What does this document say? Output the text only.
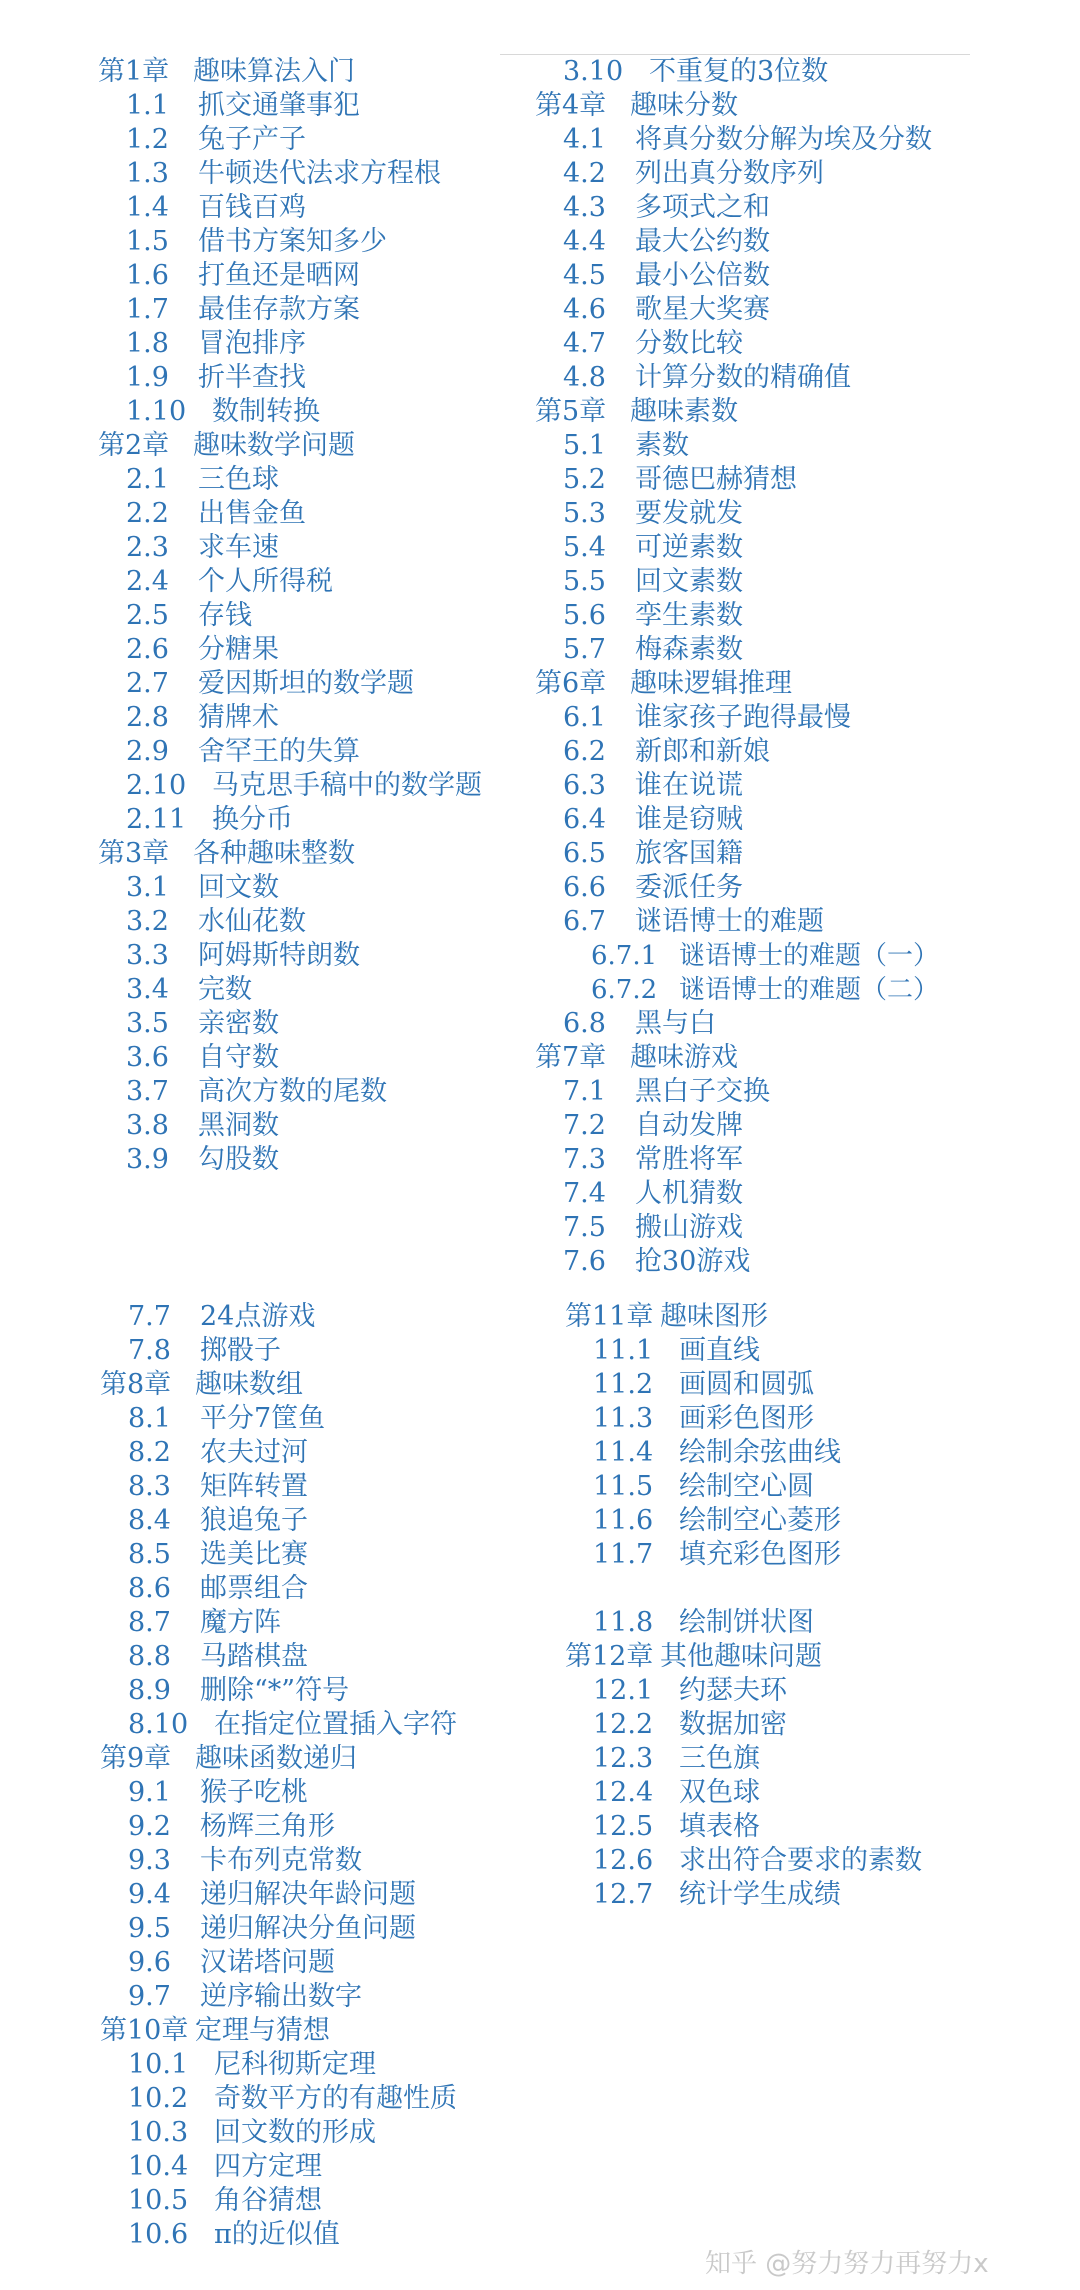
第1章 趣味算法入门
1.1 抓交通肇事犯
1.2 兔子产子
1.3 牛顿迭代法求方程根
1.4 百钱百鸡
1.5 借书方案知多少
1.6 打鱼还是晒网
1.7 最佳存款方案
1.8 冒泡排序
1.9 折半查找
1.10 数制转换
第2章 趣味数学问题
2.1 三色球
2.2 出售金鱼
2.3 求车速
2.4 个人所得税
2.5 存钱
2.6 分糖果
2.7 爱因斯坦的数学题
2.8 猜牌术
2.9 舍罕王的失算
2.10 马克思手稿中的数学题
2.11 换分币
第3章 各种趣味整数
3.1 回文数
3.2 水仙花数
3.3 阿姆斯特朗数
3.4 完数
3.5 亲密数
3.6 自守数
3.7 高次方数的尾数
3.8 黑洞数
3.9 勾股数
3.10 不重复的3位数
第4章 趣味分数
4.1 将真分数分解为埃及分数
4.2 列出真分数序列
4.3 多项式之和
4.4 最大公约数
4.5 最小公倍数
4.6 歌星大奖赛
4.7 分数比较
4.8 计算分数的精确值
第5章 趣味素数
5.1 素数
5.2 哥德巴赫猜想
5.3 要发就发
5.4 可逆素数
5.5 回文素数
5.6 孪生素数
5.7 梅森素数
第6章 趣味逻辑推理
6.1 谁家孩子跑得最慢
6.2 新郎和新娘
6.3 谁在说谎
6.4 谁是窃贼
6.5 旅客国籍
6.6 委派任务
6.7 谜语博士的难题
6.7.1 谜语博士的难题（一）
6.7.2 谜语博士的难题（二）
6.8 黑与白
第7章 趣味游戏
7.1 黑白子交换
7.2 自动发牌
7.3 常胜将军
7.4 人机猜数
7.5 搬山游戏
7.6 抢30游戏
7.7 24点游戏
7.8 掷骰子
第8章 趣味数组
8.1 平分7筐鱼
8.2 农夫过河
8.3 矩阵转置
8.4 狼追兔子
8.5 选美比赛
8.6 邮票组合
8.7 魔方阵
8.8 马踏棋盘
8.9 删除“*”符号
8.10 在指定位置插入字符
第9章 趣味函数递归
9.1 猴子吃桃
9.2 杨辉三角形
9.3 卡布列克常数
9.4 递归解决年龄问题
9.5 递归解决分鱼问题
9.6 汉诺塔问题
9.7 逆序输出数字
第10章 定理与猜想
10.1 尼科彻斯定理
10.2 奇数平方的有趣性质
10.3 回文数的形成
10.4 四方定理
10.5 角谷猜想
10.6 π的近似值
第11章 趣味图形
11.1 画直线
11.2 画圆和圆弧
11.3 画彩色图形
11.4 绘制余弦曲线
11.5 绘制空心圆
11.6 绘制空心菱形
11.7 填充彩色图形
11.8 绘制饼状图
第12章 其他趣味问题
12.1 约瑟夫环
12.2 数据加密
12.3 三色旗
12.4 双色球
12.5 填表格
12.6 求出符合要求的素数
12.7 统计学生成绩
知乎 @努力努力再努力x
